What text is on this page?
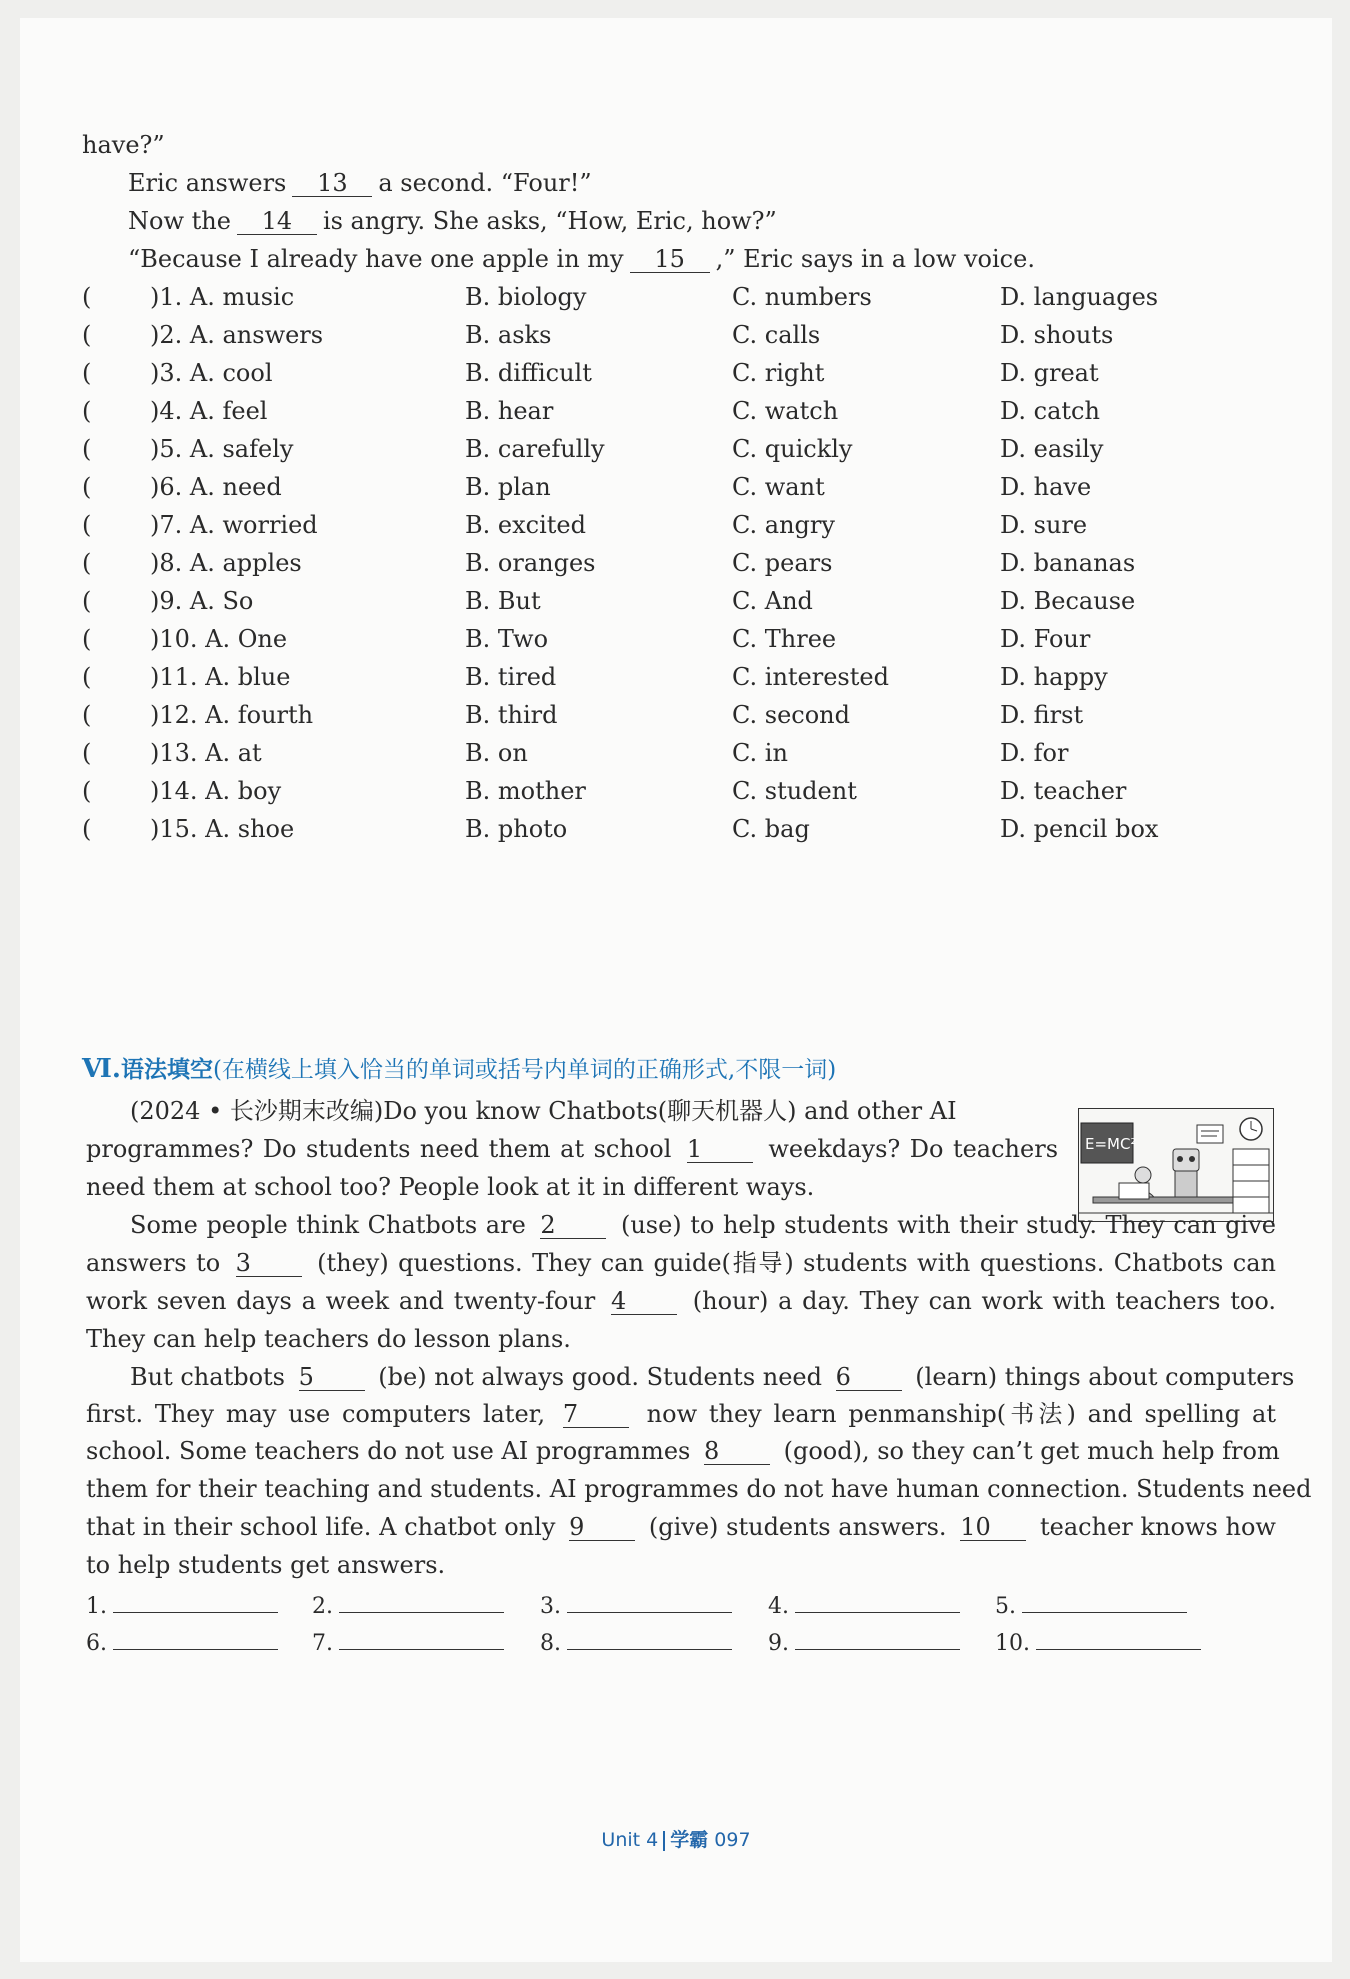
have?”
Eric answers 13 a second. “Four!”
Now the 14 is angry. She asks, “How, Eric, how?”
“Because I already have one apple in my 15 ,” Eric says in a low voice.
( )1. A. music	B. biology	C. numbers	D. languages
( )2. A. answers	B. asks	C. calls	D. shouts
( )3. A. cool	B. difficult	C. right	D. great
( )4. A. feel	B. hear	C. watch	D. catch
( )5. A. safely	B. carefully	C. quickly	D. easily
( )6. A. need	B. plan	C. want	D. have
( )7. A. worried	B. excited	C. angry	D. sure
( )8. A. apples	B. oranges	C. pears	D. bananas
( )9. A. So	B. But	C. And	D. Because
( )10. A. One	B. Two	C. Three	D. Four
( )11. A. blue	B. tired	C. interested	D. happy
( )12. A. fourth	B. third	C. second	D. first
( )13. A. at	B. on	C. in	D. for
( )14. A. boy	B. mother	C. student	D. teacher
( )15. A. shoe	B. photo	C. bag	D. pencil box
Ⅵ.语法填空(在横线上填入恰当的单词或括号内单词的正确形式,不限一词)
E=MC²
(2024 • 长沙期末改编)Do you know Chatbots(聊天机器人) and other AI
programmes? Do students need them at school 1	weekdays? Do teachers
need them at school too? People look at it in different ways.
Some people think Chatbots are 2	(use) to help students with their study. They can give
answers to 3	(they) questions. They can guide(指导) students with questions. Chatbots can
work seven days a week and twenty-four 4	(hour) a day. They can work with teachers too.
They can help teachers do lesson plans.
But chatbots 5	(be) not always good. Students need 6	(learn) things about computers
first. They may use computers later, 7	now they learn penmanship(书法) and spelling at
school. Some teachers do not use AI programmes 8	(good), so they can’t get much help from
them for their teaching and students. AI programmes do not have human connection. Students need
that in their school life. A chatbot only 9	(give) students answers. 10 teacher knows how
to help students get answers.
1.	2.	3.	4.	5.
6.	7.	8.	9.	10.
Unit 4 学霸 097
